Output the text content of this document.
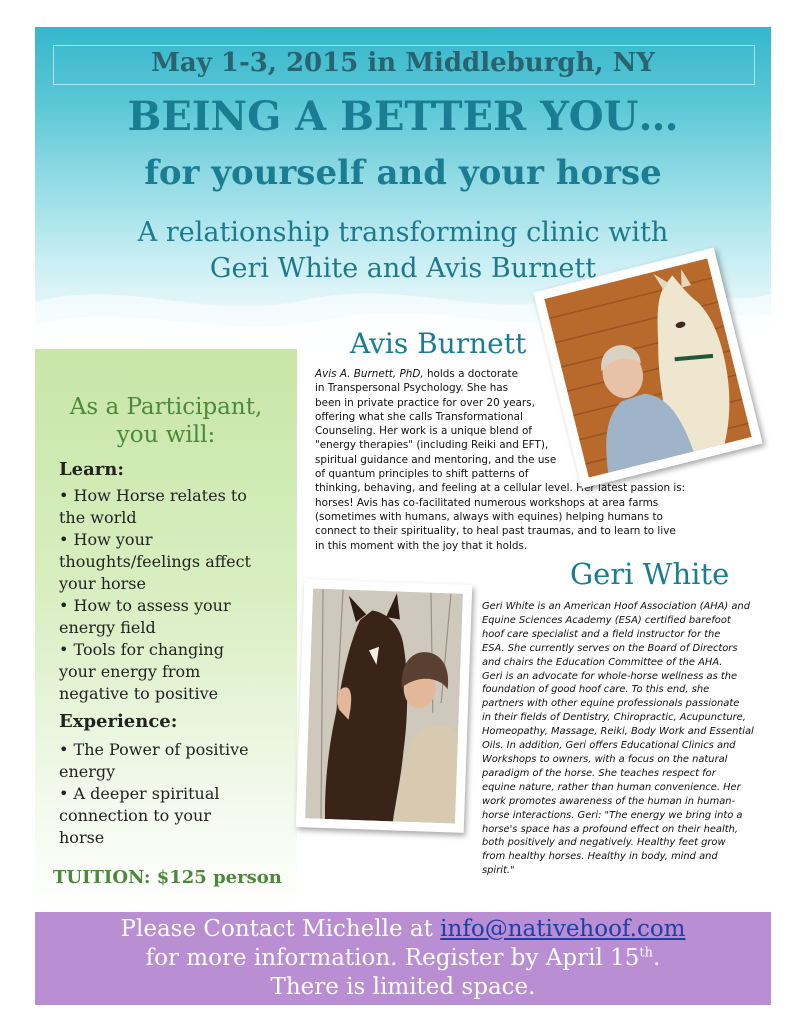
May 1-3, 2015 in Middleburgh, NY
BEING A BETTER YOU…
for yourself and your horse
A relationship transforming clinic with
Geri White and Avis Burnett
As a Participant,
you will:
Learn:
• How Horse relates to
the world
• How your
thoughts/feelings affect
your horse
• How to assess your
energy field
• Tools for changing
your energy from
negative to positive
Experience:
• The Power of positive
energy
• A deeper spiritual
connection to your
horse
TUITION: $125 person
Avis Burnett
Avis A. Burnett, PhD, holds a doctorate
in Transpersonal Psychology. She has
been in private practice for over 20 years,
offering what she calls Transformational
Counseling. Her work is a unique blend of
"energy therapies" (including Reiki and EFT),
spiritual guidance and mentoring, and the use
of quantum principles to shift patterns of
thinking, behaving, and feeling at a cellular level. Her latest passion is:
horses! Avis has co-facilitated numerous workshops at area farms
(sometimes with humans, always with equines) helping humans to
connect to their spirituality, to heal past traumas, and to learn to live
in this moment with the joy that it holds.
Geri White
Geri White is an American Hoof Association (AHA) and
Equine Sciences Academy (ESA) certified barefoot
hoof care specialist and a field instructor for the
ESA. She currently serves on the Board of Directors
and chairs the Education Committee of the AHA.
Geri is an advocate for whole-horse wellness as the
foundation of good hoof care. To this end, she
partners with other equine professionals passionate
in their fields of Dentistry, Chiropractic, Acupuncture,
Homeopathy, Massage, Reiki, Body Work and Essential
Oils. In addition, Geri offers Educational Clinics and
Workshops to owners, with a focus on the natural
paradigm of the horse. She teaches respect for
equine nature, rather than human convenience. Her
work promotes awareness of the human in human-
horse interactions. Geri: "The energy we bring into a
horse's space has a profound effect on their health,
both positively and negatively. Healthy feet grow
from healthy horses. Healthy in body, mind and
spirit."
Please Contact Michelle at info@nativehoof.com
for more information. Register by April 15th.
There is limited space.
